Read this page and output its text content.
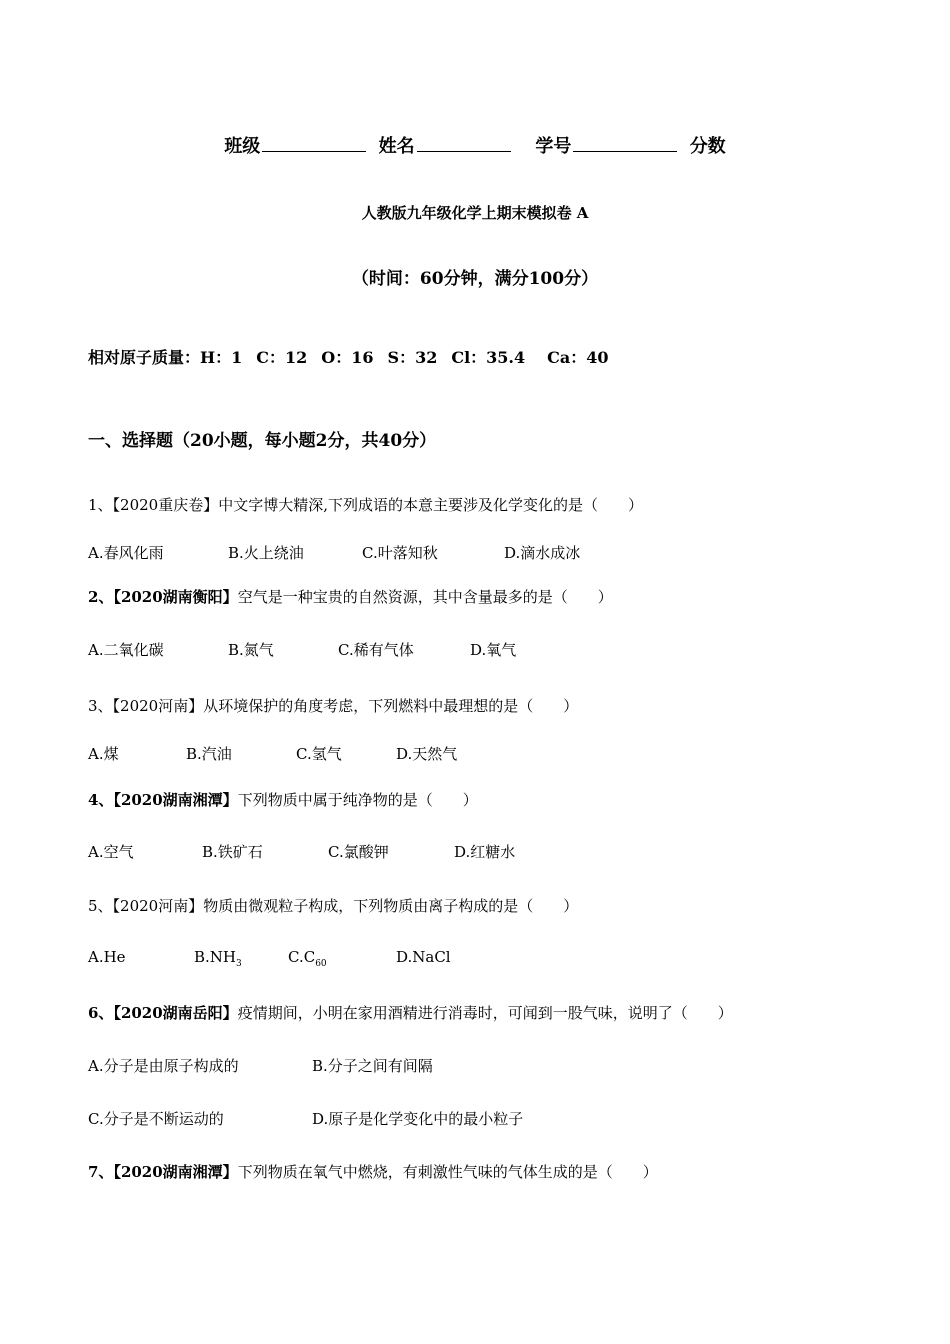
班级	姓名	学号	分数
人教版九年级化学上期末模拟卷 A
（时间：60分钟，满分100分）
相对原子质量：H：1 C：12 O：16 S：32 Cl：35.4 Ca：40
一、选择题（20小题，每小题2分，共40分）
1、【2020重庆卷】中文字博大精深,下列成语的本意主要涉及化学变化的是（　　）
A.春风化雨	B.火上绕油	C.叶落知秋	D.滴水成冰
2、【2020湖南衡阳】空气是一种宝贵的自然资源，其中含量最多的是（　　）
A.二氧化碳	B.氮气	C.稀有气体	D.氧气
3、【2020河南】从环境保护的角度考虑，下列燃料中最理想的是（　　）
A.煤	B.汽油	C.氢气	D.天然气
4、【2020湖南湘潭】下列物质中属于纯净物的是（　　）
A.空气	B.铁矿石	C.氯酸钾	D.红糖水
5、【2020河南】物质由微观粒子构成，下列物质由离子构成的是（　　）
A.He	$B.NH_3$	$C.C_{60}$	D.NaCl
6、【2020湖南岳阳】疫情期间，小明在家用酒精进行消毒时，可闻到一股气味，说明了（　　）
A.分子是由原子构成的	B.分子之间有间隔
C.分子是不断运动的	D.原子是化学变化中的最小粒子
7、【2020湖南湘潭】下列物质在氧气中燃烧，有刺激性气味的气体生成的是（　　）
